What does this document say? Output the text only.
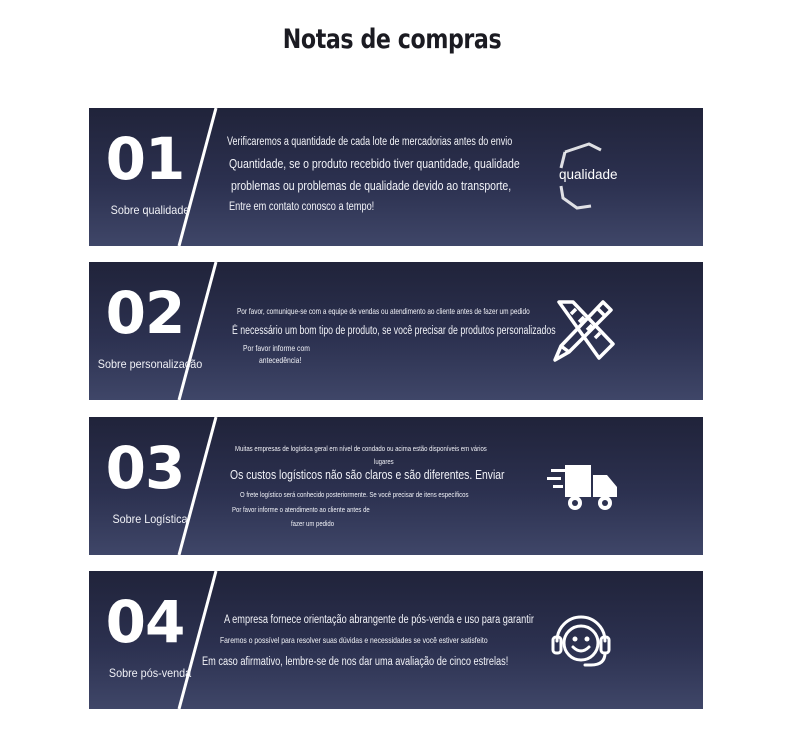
Notas de compras
01
Sobre qualidade
Verificaremos a quantidade de cada lote de mercadorias antes do envio
Quantidade, se o produto recebido tiver quantidade, qualidade
problemas ou problemas de qualidade devido ao transporte,
Entre em contato conosco a tempo!
qualidade
02
Sobre personalização
Por favor, comunique-se com a equipe de vendas ou atendimento ao cliente antes de fazer um pedido
É necessário um bom tipo de produto, se você precisar de produtos personalizados
Por favor informe com
antecedência!
03
Sobre Logística
Muitas empresas de logística geral em nível de condado ou acima estão disponíveis em vários
lugares
Os custos logísticos não são claros e são diferentes. Enviar
O frete logístico será conhecido posteriormente. Se você precisar de itens específicos
Por favor informe o atendimento ao cliente antes de
fazer um pedido
04
Sobre pós-venda
A empresa fornece orientação abrangente de pós-venda e uso para garantir
Faremos o possível para resolver suas dúvidas e necessidades se você estiver satisfeito
Em caso afirmativo, lembre-se de nos dar uma avaliação de cinco estrelas!
